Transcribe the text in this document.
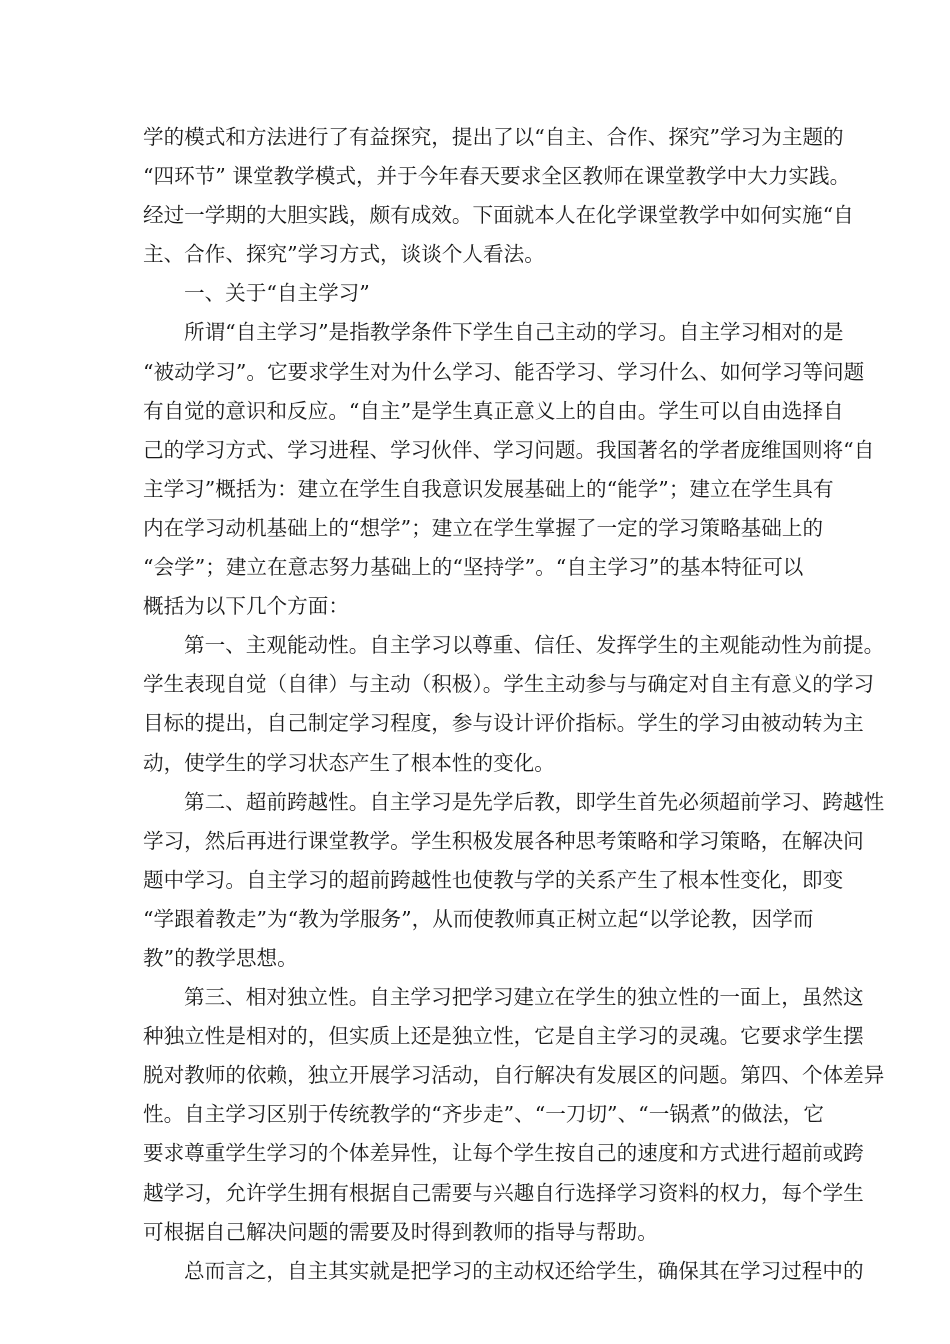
学的模式和方法进行了有益探究，提出了以“自主、合作、探究”学习为主题的
“四环节” 课堂教学模式，并于今年春天要求全区教师在课堂教学中大力实践。
经过一学期的大胆实践，颇有成效。下面就本人在化学课堂教学中如何实施“自
主、合作、探究”学习方式，谈谈个人看法。
一、关于“自主学习”
所谓“自主学习”是指教学条件下学生自己主动的学习。自主学习相对的是
“被动学习”。它要求学生对为什么学习、能否学习、学习什么、如何学习等问题
有自觉的意识和反应。“自主”是学生真正意义上的自由。学生可以自由选择自
己的学习方式、学习进程、学习伙伴、学习问题。我国著名的学者庞维国则将“自
主学习”概括为：建立在学生自我意识发展基础上的“能学”；建立在学生具有
内在学习动机基础上的“想学”；建立在学生掌握了一定的学习策略基础上的
“会学”；建立在意志努力基础上的“坚持学”。“自主学习”的基本特征可以
概括为以下几个方面：
第一、主观能动性。自主学习以尊重、信任、发挥学生的主观能动性为前提。
学生表现自觉（自律）与主动（积极）。学生主动参与与确定对自主有意义的学习
目标的提出，自己制定学习程度，参与设计评价指标。学生的学习由被动转为主
动，使学生的学习状态产生了根本性的变化。
第二、超前跨越性。自主学习是先学后教，即学生首先必须超前学习、跨越性
学习，然后再进行课堂教学。学生积极发展各种思考策略和学习策略，在解决问
题中学习。自主学习的超前跨越性也使教与学的关系产生了根本性变化，即变
“学跟着教走”为“教为学服务”，从而使教师真正树立起“以学论教，因学而
教”的教学思想。
第三、相对独立性。自主学习把学习建立在学生的独立性的一面上，虽然这
种独立性是相对的，但实质上还是独立性，它是自主学习的灵魂。它要求学生摆
脱对教师的依赖，独立开展学习活动，自行解决有发展区的问题。第四、个体差异
性。自主学习区别于传统教学的“齐步走”、“一刀切”、“一锅煮”的做法，它
要求尊重学生学习的个体差异性，让每个学生按自己的速度和方式进行超前或跨
越学习，允许学生拥有根据自己需要与兴趣自行选择学习资料的权力，每个学生
可根据自己解决问题的需要及时得到教师的指导与帮助。
总而言之，自主其实就是把学习的主动权还给学生，确保其在学习过程中的
